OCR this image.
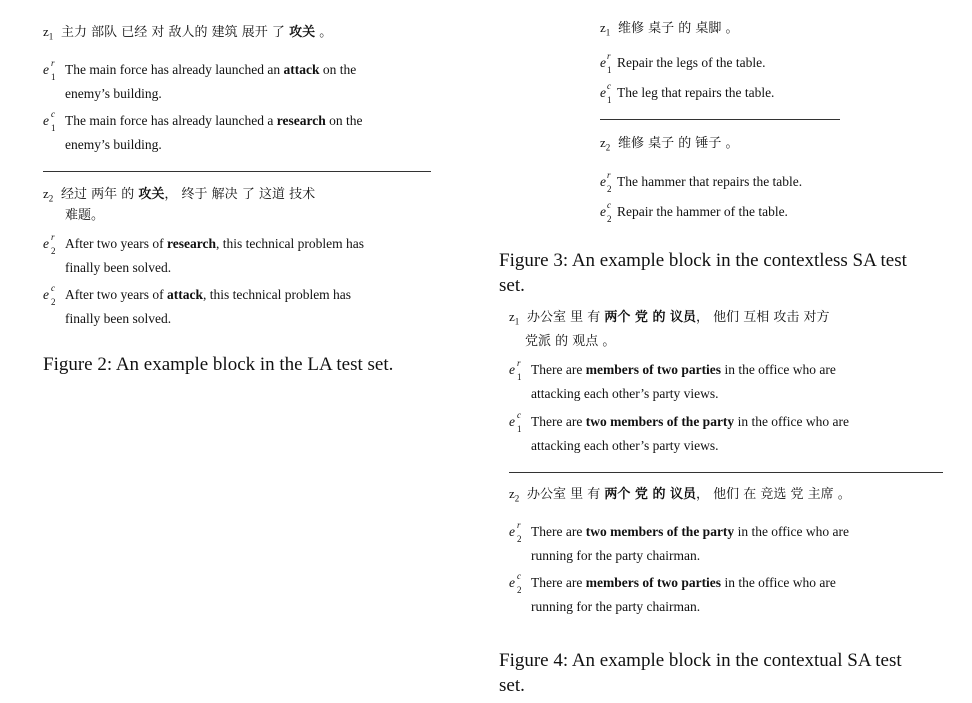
$z_1$ 主力 部队 已经 对 敌人的 建筑 展开 了 攻关 。
e r
1 The main force has already launched an attack on the
enemy’s building.
e c
1 The main force has already launched a research on the
enemy’s building.
$z_2$ 经过 两年 的 攻关， 终于 解决 了 这道 技术
难题。
e r
2 After two years of research, this technical problem has
finally been solved.
e c
2 After two years of attack, this technical problem has
finally been solved.
Figure 2: An example block in the LA test set.
$z_1$ 维修 桌子 的 桌脚 。
e r
1 Repair the legs of the table.
e c
1 The leg that repairs the table.
$z_2$ 维修 桌子 的 锤子 。
e r
2 The hammer that repairs the table.
e c
2 Repair the hammer of the table.
Figure 3: An example block in the contextless SA test
set.
$z_1$ 办公室 里 有 两个 党 的 议员， 他们 互相 攻击 对方
党派 的 观点 。
e r
1 There are members of two parties in the office who are
attacking each other’s party views.
e c
1 There are two members of the party in the office who are
attacking each other’s party views.
$z_2$ 办公室 里 有 两个 党 的 议员， 他们 在 竞选 党 主席 。
e r
2 There are two members of the party in the office who are
running for the party chairman.
e c
2 There are members of two parties in the office who are
running for the party chairman.
Figure 4: An example block in the contextual SA test
set.
